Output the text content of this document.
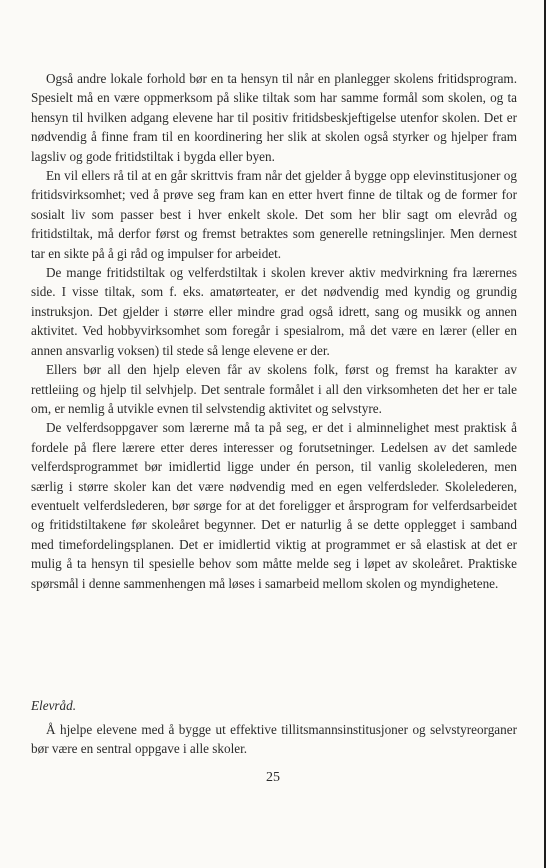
Også andre lokale forhold bør en ta hensyn til når en planlegger skolens fritidsprogram. Spesielt må en være oppmerksom på slike tiltak som har samme formål som skolen, og ta hensyn til hvilken adgang elevene har til positiv fritidsbeskjeftigelse utenfor skolen. Det er nødvendig å finne fram til en koordinering her slik at skolen også styrker og hjelper fram lagsliv og gode fritidstiltak i bygda eller byen.

En vil ellers rå til at en går skrittvis fram når det gjelder å bygge opp elevinstitusjoner og fritidsvirksomhet; ved å prøve seg fram kan en etter hvert finne de tiltak og de former for sosialt liv som passer best i hver enkelt skole. Det som her blir sagt om elevråd og fritidstiltak, må derfor først og fremst betraktes som generelle retningslinjer. Men dernest tar en sikte på å gi råd og impulser for arbeidet.

De mange fritidstiltak og velferdstiltak i skolen krever aktiv medvirkning fra lærernes side. I visse tiltak, som f. eks. amatørteater, er det nødvendig med kyndig og grundig instruksjon. Det gjelder i større eller mindre grad også idrett, sang og musikk og annen aktivitet. Ved hobbyvirksomhet som foregår i spesialrom, må det være en lærer (eller en annen ansvarlig voksen) til stede så lenge elevene er der.

Ellers bør all den hjelp eleven får av skolens folk, først og fremst ha karakter av rettleiing og hjelp til selvhjelp. Det sentrale formålet i all den virksomheten det her er tale om, er nemlig å utvikle evnen til selvstendig aktivitet og selvstyre.

De velferdsoppgaver som lærerne må ta på seg, er det i alminnelighet mest praktisk å fordele på flere lærere etter deres interesser og forutsetninger. Ledelsen av det samlede velferdsprogrammet bør imidlertid ligge under én person, til vanlig skolelederen, men særlig i større skoler kan det være nødvendig med en egen velferdsleder. Skolelederen, eventuelt velferdslederen, bør sørge for at det foreligger et årsprogram for velferdsarbeidet og fritidstiltakene før skoleåret begynner. Det er naturlig å se dette opplegget i samband med timefordelingsplanen. Det er imidlertid viktig at programmet er så elastisk at det er mulig å ta hensyn til spesielle behov som måtte melde seg i løpet av skoleåret. Praktiske spørsmål i denne sammenhengen må løses i samarbeid mellom skolen og myndighetene.

Elevråd.

Å hjelpe elevene med å bygge ut effektive tillitsmannsinstitusjoner og selvstyreorganer bør være en sentral oppgave i alle skoler.

25
